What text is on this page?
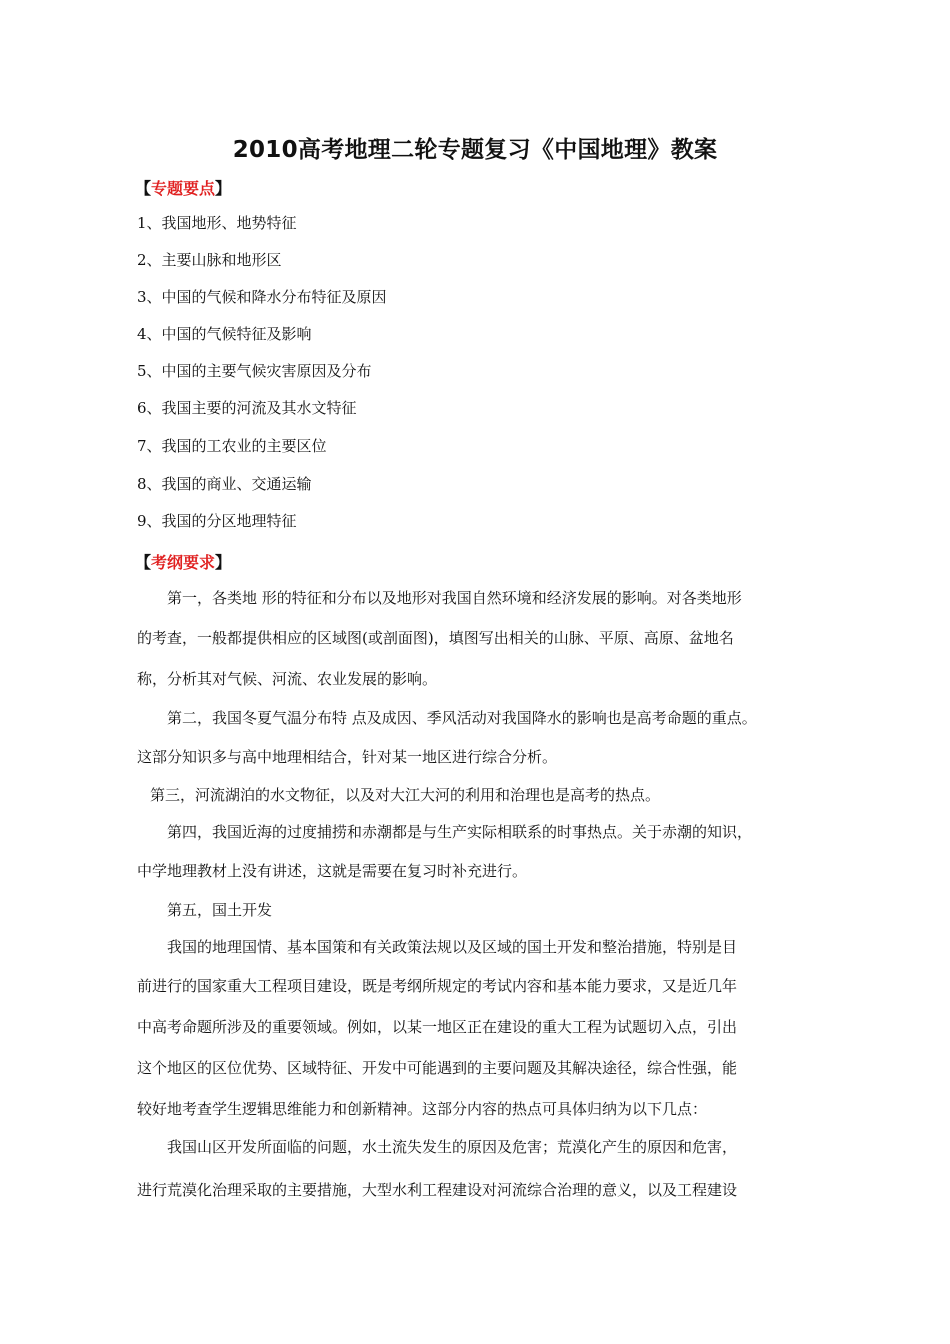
2010高考地理二轮专题复习《中国地理》教案
【专题要点】
1、我国地形、地势特征
2、主要山脉和地形区
3、中国的气候和降水分布特征及原因
4、中国的气候特征及影响
5、中国的主要气候灾害原因及分布
6、我国主要的河流及其水文特征
7、我国的工农业的主要区位
8、我国的商业、交通运输
9、我国的分区地理特征
【考纲要求】
第一，各类地 形的特征和分布以及地形对我国自然环境和经济发展的影响。对各类地形
的考查，一般都提供相应的区域图(或剖面图)，填图写出相关的山脉、平原、高原、盆地名
称，分析其对气候、河流、农业发展的影响。
第二，我国冬夏气温分布特 点及成因、季风活动对我国降水的影响也是高考命题的重点。
这部分知识多与高中地理相结合，针对某一地区进行综合分析。
第三，河流湖泊的水文物征，以及对大江大河的利用和治理也是高考的热点。
第四，我国近海的过度捕捞和赤潮都是与生产实际相联系的时事热点。关于赤潮的知识，
中学地理教材上没有讲述，这就是需要在复习时补充进行。
第五，国土开发
我国的地理国情、基本国策和有关政策法规以及区域的国土开发和整治措施，特别是目
前进行的国家重大工程项目建设，既是考纲所规定的考试内容和基本能力要求，又是近几年
中高考命题所涉及的重要领域。例如，以某一地区正在建设的重大工程为试题切入点，引出
这个地区的区位优势、区域特征、开发中可能遇到的主要问题及其解决途径，综合性强，能
较好地考查学生逻辑思维能力和创新精神。这部分内容的热点可具体归纳为以下几点：
我国山区开发所面临的问题，水土流失发生的原因及危害；荒漠化产生的原因和危害，
进行荒漠化治理采取的主要措施，大型水利工程建设对河流综合治理的意义，以及工程建设
